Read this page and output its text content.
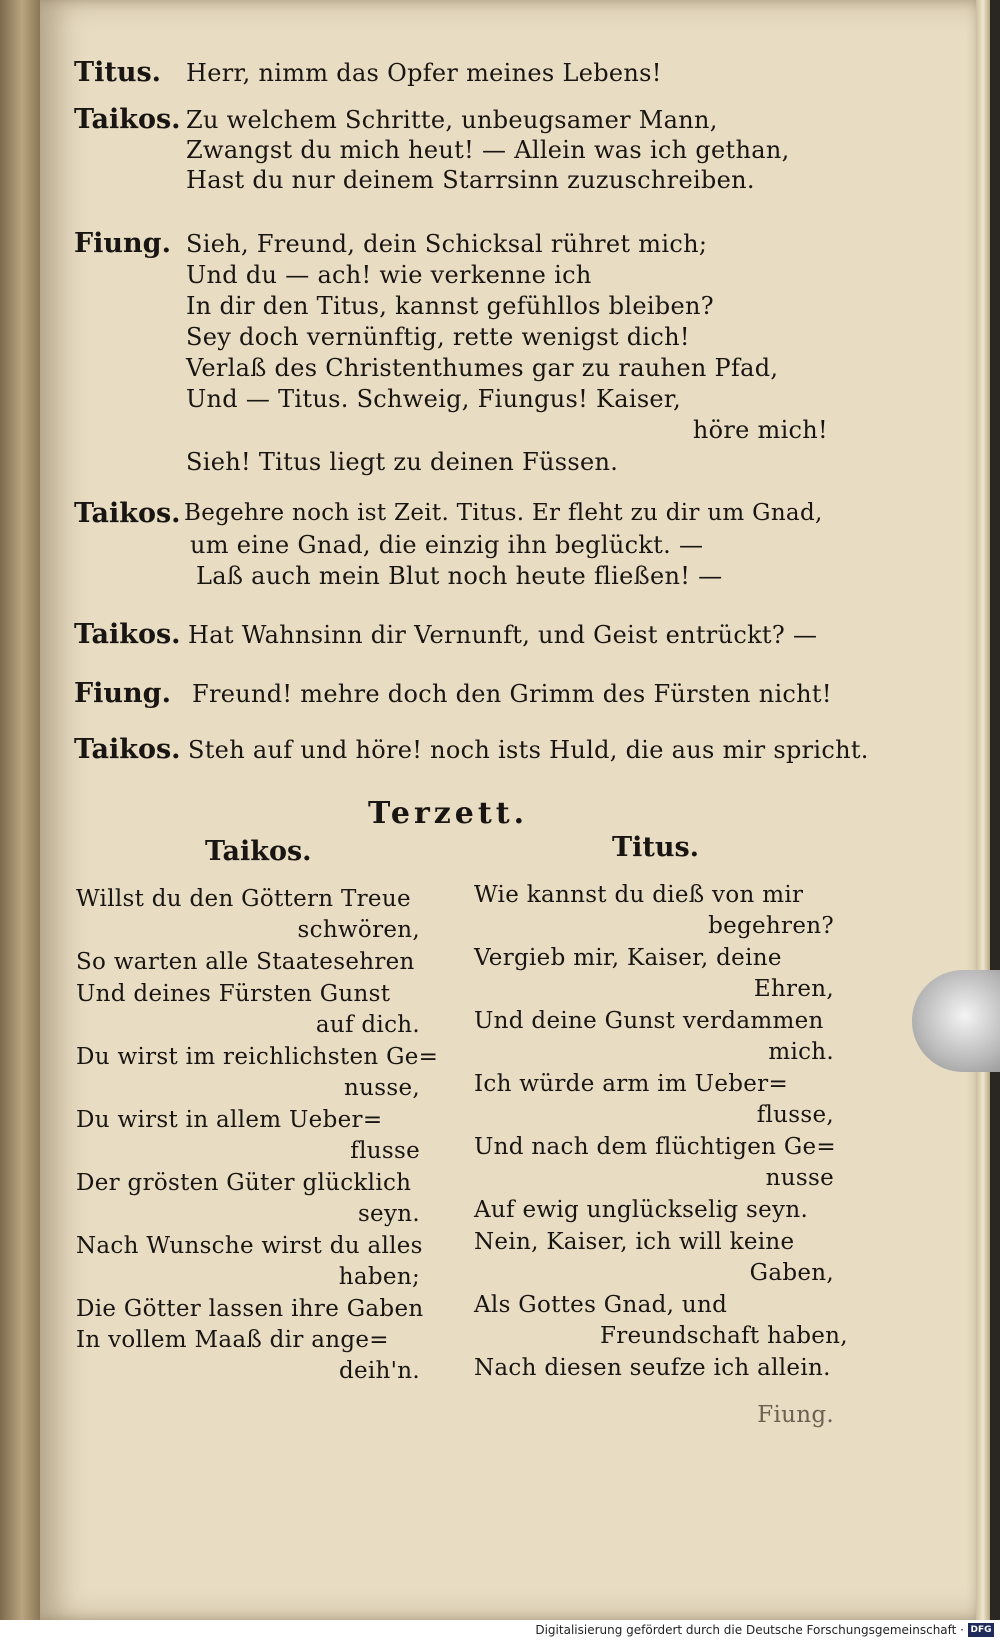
Titus. Herr, nimm das Opfer meines Lebens!
Taikos. Zu welchem Schritte, unbeugsamer Mann,
Zwangst du mich heut! — Allein was ich gethan,
Hast du nur deinem Starrsinn zuzuschreiben.
Fiung. Sieh, Freund, dein Schicksal rühret mich;
Und du — ach! wie verkenne ich
In dir den Titus, kannst gefühllos bleiben?
Sey doch vernünftig, rette wenigst dich!
Verlaß des Christenthumes gar zu rauhen Pfad,
Und — Titus. Schweig, Fiungus! Kaiser,
höre mich!
Sieh! Titus liegt zu deinen Füssen.
Taikos. Begehre noch ist Zeit. Titus. Er fleht zu dir um Gnad,
um eine Gnad, die einzig ihn beglückt. —
Laß auch mein Blut noch heute fließen! —
Taikos. Hat Wahnsinn dir Vernunft, und Geist entrückt? —
Fiung. Freund! mehre doch den Grimm des Fürsten nicht!
Taikos. Steh auf und höre! noch ists Huld, die aus mir spricht.
Terzett.
Taikos.	Titus.
Willst du den Göttern Treue
schwören,
So warten alle Staatesehren
Und deines Fürsten Gunst
auf dich.
Du wirst im reichlichsten Ge=
nusse,
Du wirst in allem Ueber=
flusse
Der grösten Güter glücklich
seyn.
Nach Wunsche wirst du alles
haben;
Die Götter lassen ihre Gaben
In vollem Maaß dir ange=
deih'n.
Wie kannst du dieß von mir
begehren?
Vergieb mir, Kaiser, deine
Ehren,
Und deine Gunst verdammen
mich.
Ich würde arm im Ueber=
flusse,
Und nach dem flüchtigen Ge=
nusse
Auf ewig unglückselig seyn.
Nein, Kaiser, ich will keine
Gaben,
Als Gottes Gnad, und
Freundschaft haben,
Nach diesen seufze ich allein.
Fiung.
Digitalisierung gefördert durch die Deutsche Forschungsgemeinschaft · DFG
